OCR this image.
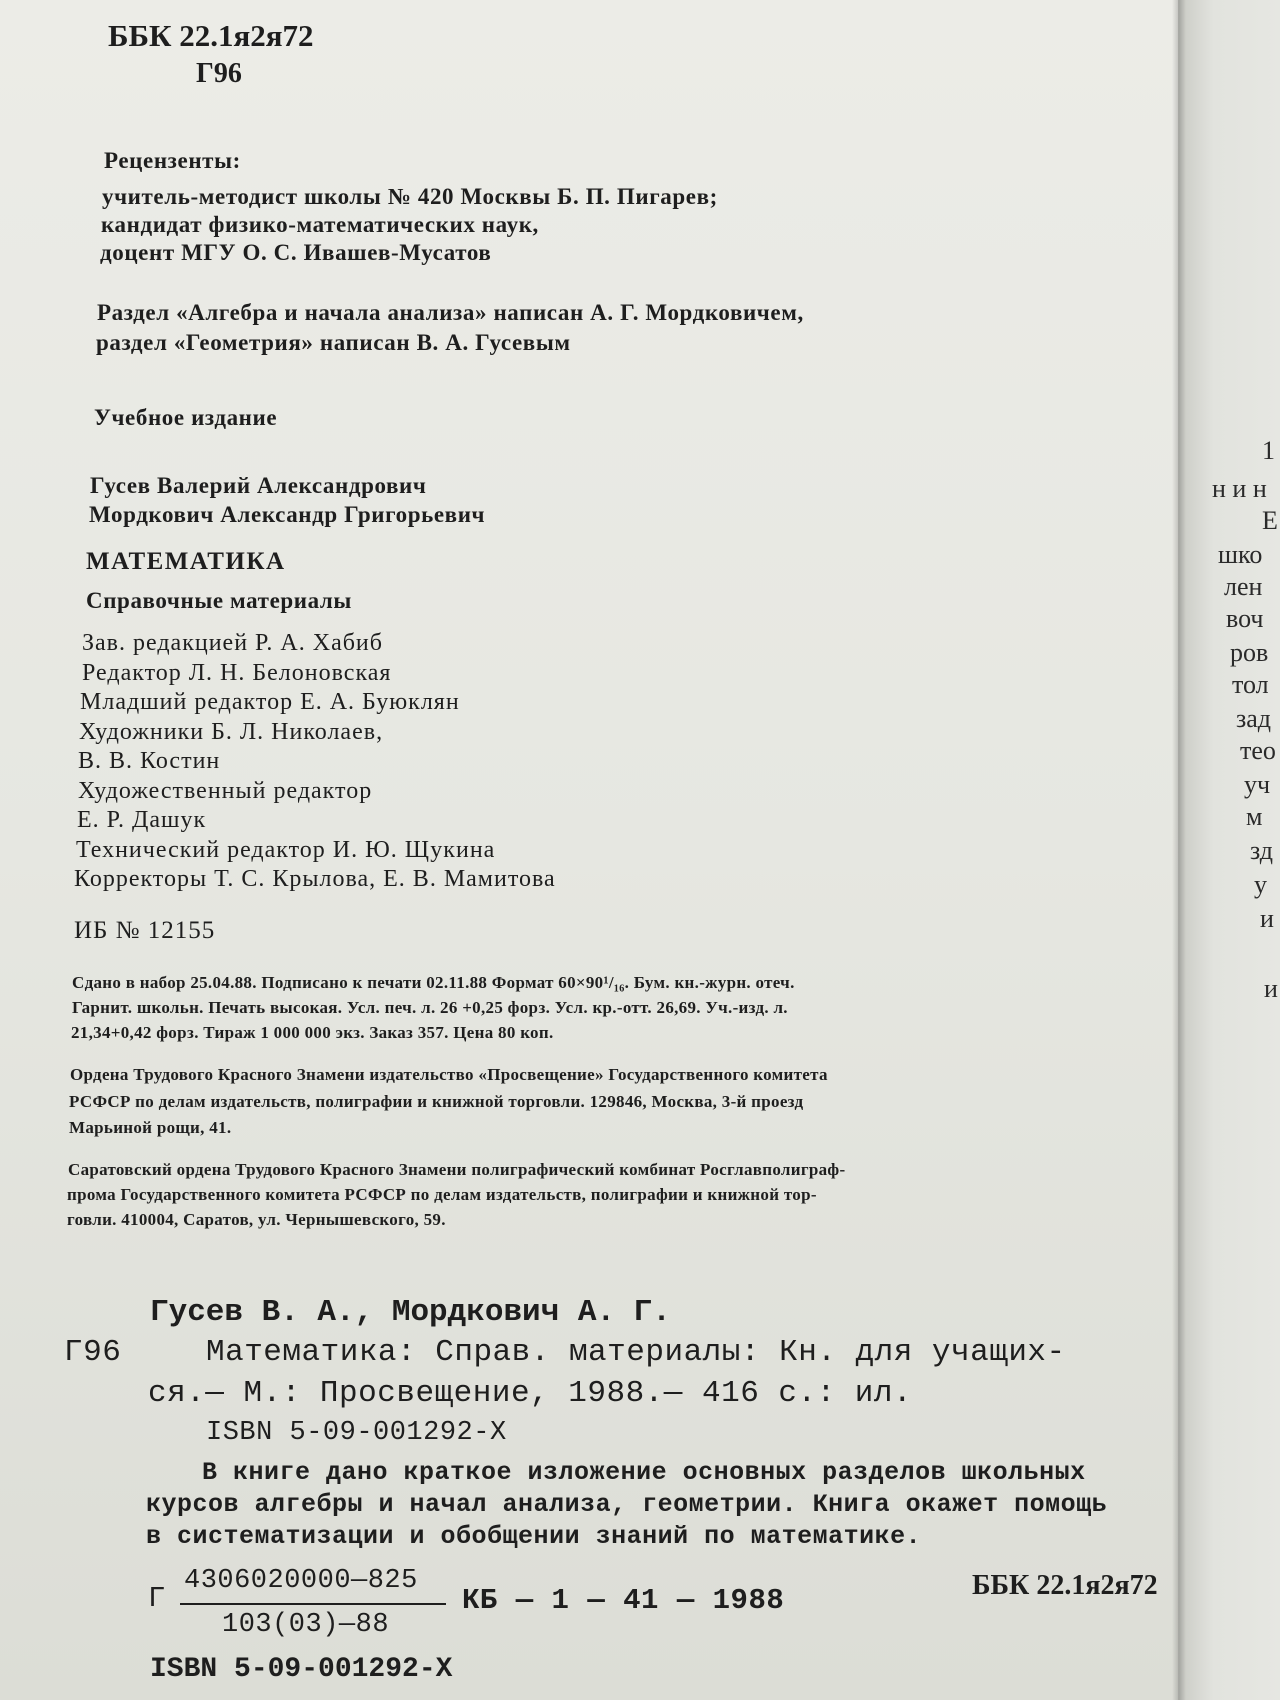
ББК 22.1я2я72
Г96
Рецензенты:
учитель-методист школы № 420 Москвы Б. П. Пигарев;
кандидат физико-математических наук,
доцент МГУ О. С. Ивашев-Мусатов
Раздел «Алгебра и начала анализа» написан А. Г. Мордковичем,
раздел «Геометрия» написан В. А. Гусевым
Учебное издание
Гусев Валерий Александрович
Мордкович Александр Григорьевич
МАТЕМАТИКА
Справочные материалы
Зав. редакцией Р. А. Хабиб
Редактор Л. Н. Белоновская
Младший редактор Е. А. Буюклян
Художники Б. Л. Николаев,
В. В. Костин
Художественный редактор
Е. Р. Дашук
Технический редактор И. Ю. Щукина
Корректоры Т. С. Крылова, Е. В. Мамитова
ИБ № 12155
Сдано в набор 25.04.88. Подписано к печати 02.11.88 Формат 60×90¹/₁₆. Бум. кн.-журн. отеч.
Гарнит. школьн. Печать высокая. Усл. печ. л. 26 +0,25 форз. Усл. кр.-отт. 26,69. Уч.-изд. л.
21,34+0,42 форз. Тираж 1 000 000 экз. Заказ 357. Цена 80 коп.
Ордена Трудового Красного Знамени издательство «Просвещение» Государственного комитета
РСФСР по делам издательств, полиграфии и книжной торговли. 129846, Москва, 3-й проезд
Марьиной рощи, 41.
Саратовский ордена Трудового Красного Знамени полиграфический комбинат Росглавполиграф-
прома Государственного комитета РСФСР по делам издательств, полиграфии и книжной тор-
говли. 410004, Саратов, ул. Чернышевского, 59.
Гусев В. А., Мордкович А. Г.
Г96	Математика: Справ. материалы: Кн. для учащих-
ся.— М.: Просвещение, 1988.— 416 с.: ил.
ISBN 5-09-001292-X
В книге дано краткое изложение основных разделов школьных
курсов алгебры и начал анализа, геометрии. Книга окажет помощь
в систематизации и обобщении знаний по математике.
Г
4306020000—825
103(03)—88
КБ — 1 — 41 — 1988	ББК 22.1я2я72
ISBN 5-09-001292-X
1
н и н
Е
шко
лен
воч
ров
тол
зад
тео
уч
м
зд
у
и
и
